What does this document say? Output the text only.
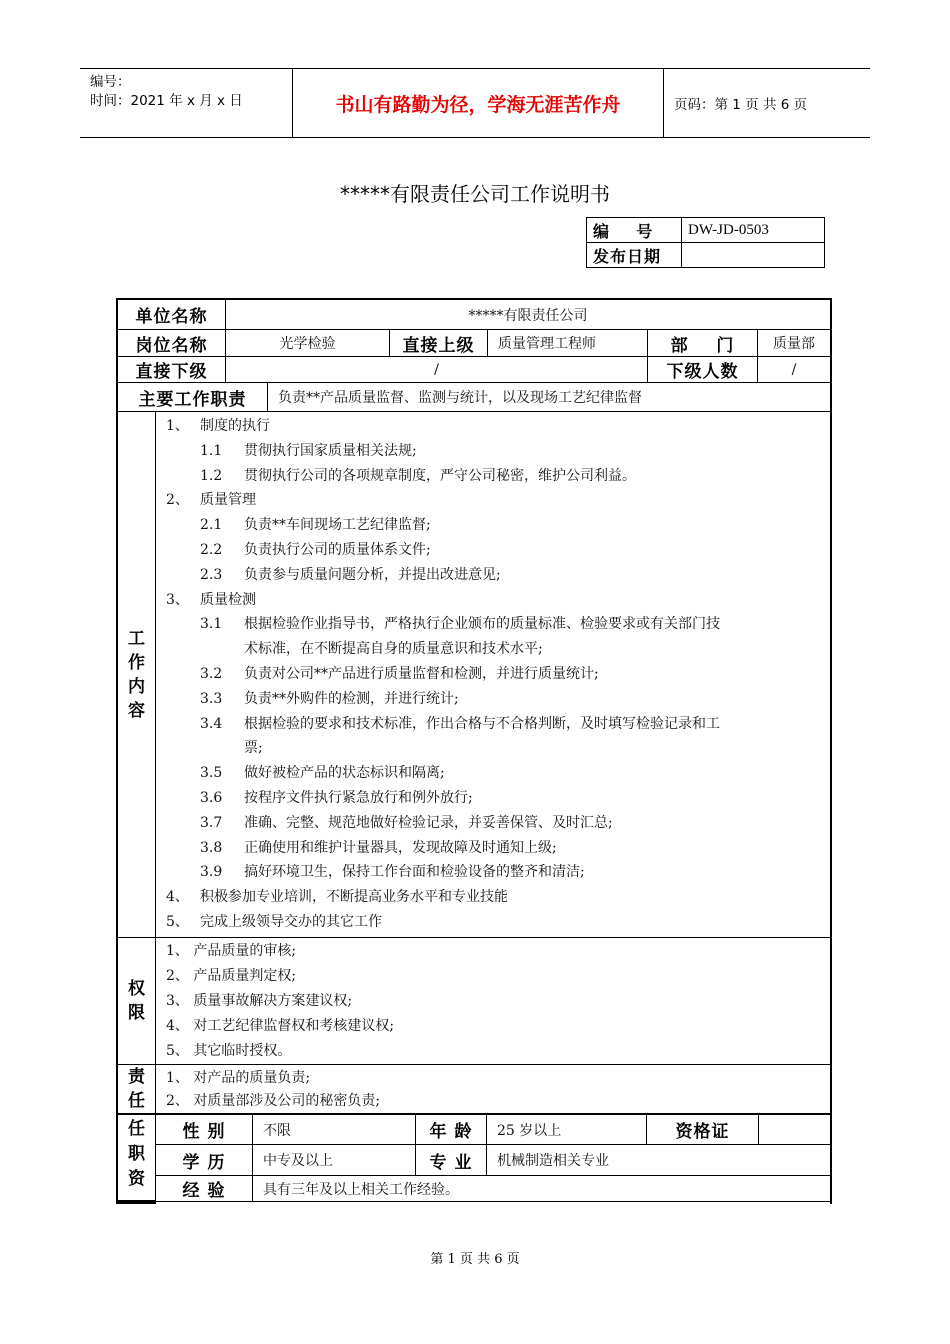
编号：
时间：2021 年 x 月 x 日	书山有路勤为径，学海无涯苦作舟	页码：第 1 页 共 6 页
*****有限责任公司工作说明书
编    号	DW-JD-0503
发布日期	
单位名称	*****有限责任公司
岗位名称	光学检验	直接上级	质量管理工程师	部    门	质量部
直接下级	/	下级人数	/
主要工作职责	负责**产品质量监督、监测与统计，以及现场工艺纪律监督
工
作
内
容
1、 制度的执行
1.1 贯彻执行国家质量相关法规;
1.2 贯彻执行公司的各项规章制度，严守公司秘密，维护公司利益。
2、 质量管理
2.1 负责**车间现场工艺纪律监督;
2.2 负责执行公司的质量体系文件;
2.3 负责参与质量问题分析，并提出改进意见;
3、 质量检测
3.1 根据检验作业指导书，严格执行企业颁布的质量标准、检验要求或有关部门技
术标准，在不断提高自身的质量意识和技术水平;
3.2 负责对公司**产品进行质量监督和检测，并进行质量统计;
3.3 负责**外购件的检测，并进行统计;
3.4 根据检验的要求和技术标准，作出合格与不合格判断，及时填写检验记录和工
票;
3.5 做好被检产品的状态标识和隔离;
3.6 按程序文件执行紧急放行和例外放行;
3.7 准确、完整、规范地做好检验记录，并妥善保管、及时汇总;
3.8 正确使用和维护计量器具，发现故障及时通知上级;
3.9 搞好环境卫生，保持工作台面和检验设备的整齐和清洁;
4、 积极参加专业培训，不断提高业务水平和专业技能
5、 完成上级领导交办的其它工作
权
限
1、 产品质量的审核;
2、 产品质量判定权;
3、 质量事故解决方案建议权;
4、 对工艺纪律监督权和考核建议权;
5、 其它临时授权。
责
任
1、 对产品的质量负责;
2、 对质量部涉及公司的秘密负责;
任
职
资
性 别	不限	年 龄	25 岁以上	资格证
学 历	中专及以上	专 业	机械制造相关专业
经 验	具有三年及以上相关工作经验。
第 1 页 共 6 页
